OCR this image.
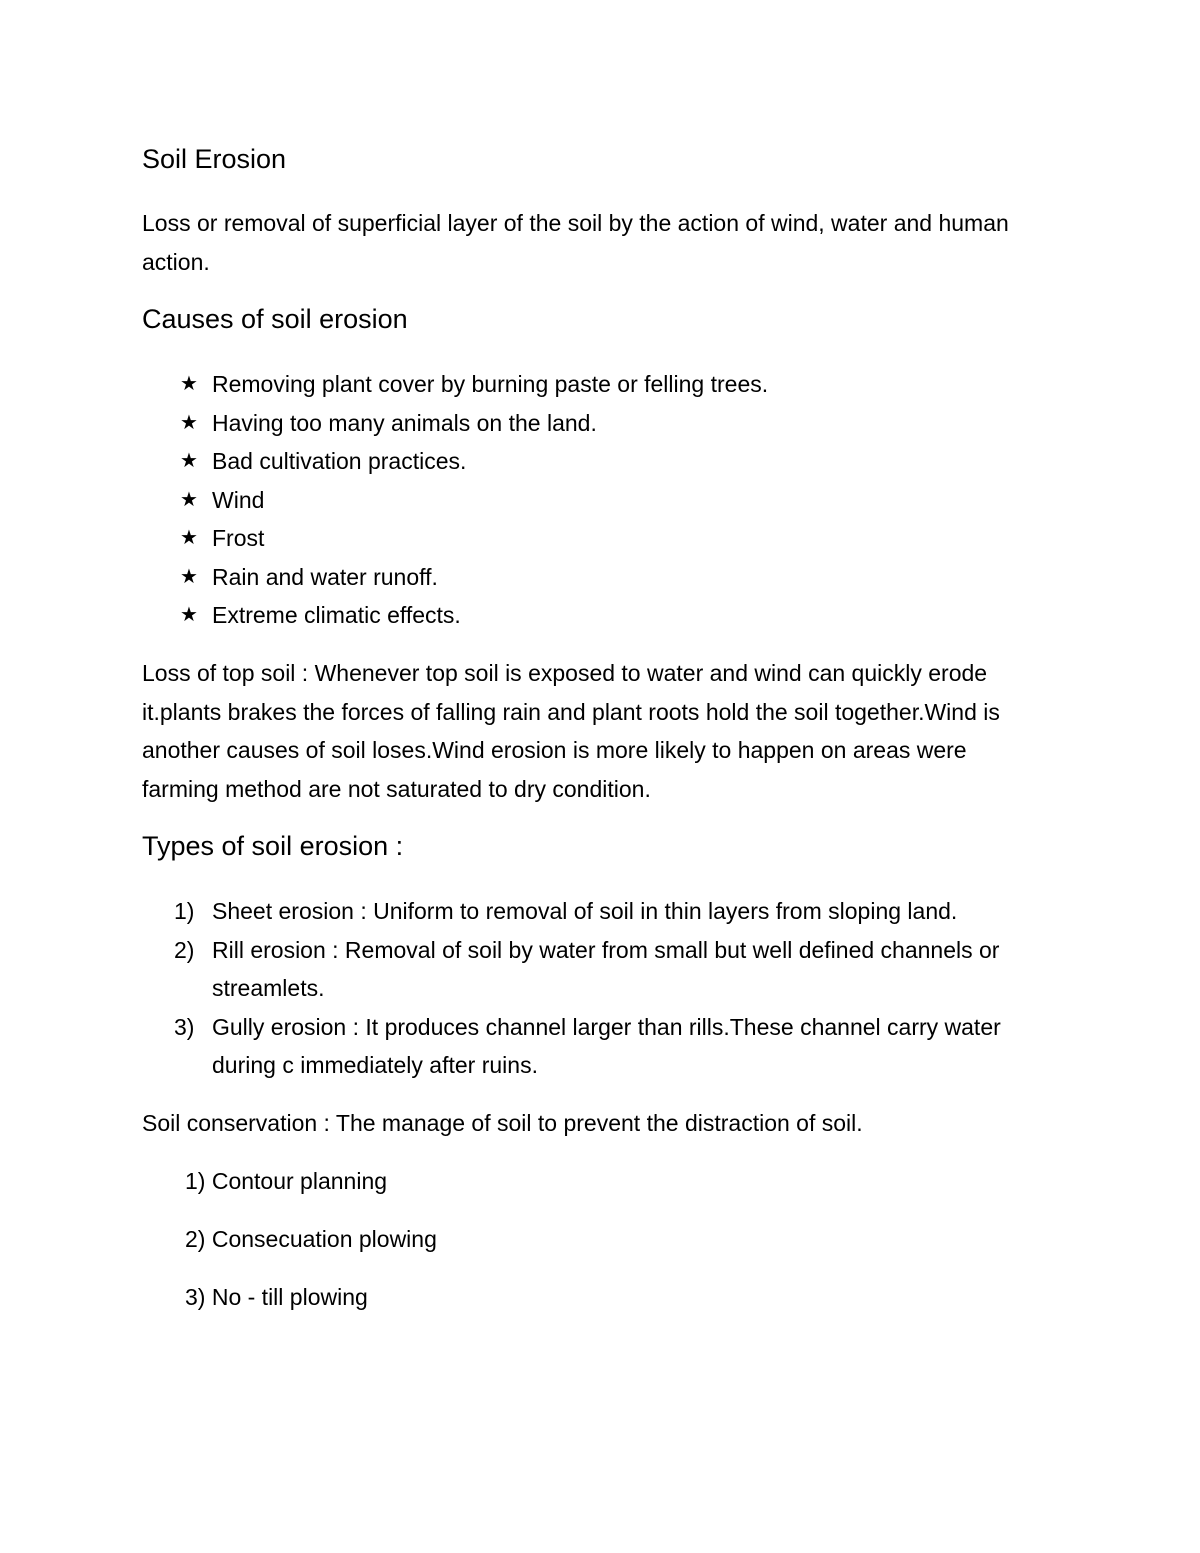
Soil Erosion

Loss or removal of superficial layer of the soil by the action of wind, water and human action.

Causes of soil erosion
★ Removing plant cover by burning paste or felling trees.
★ Having too many animals on the land.
★ Bad cultivation practices.
★ Wind
★ Frost
★ Rain and water runoff.
★ Extreme climatic effects.

Loss of top soil : Whenever top soil is exposed to water and wind can quickly erode it.plants brakes the forces of falling rain and plant roots hold the soil together.Wind is another causes of soil loses.Wind erosion is more likely to happen on areas were farming method are not saturated to dry condition.

Types of soil erosion :
1) Sheet erosion : Uniform to removal of soil in thin layers from sloping land.
2) Rill erosion : Removal of soil by water from small but well defined channels or streamlets.
3) Gully erosion : It produces channel larger than rills.These channel carry water during c immediately after ruins.

Soil conservation : The manage of soil to prevent the distraction of soil.

1) Contour planning
2) Consecuation plowing
3) No - till plowing
